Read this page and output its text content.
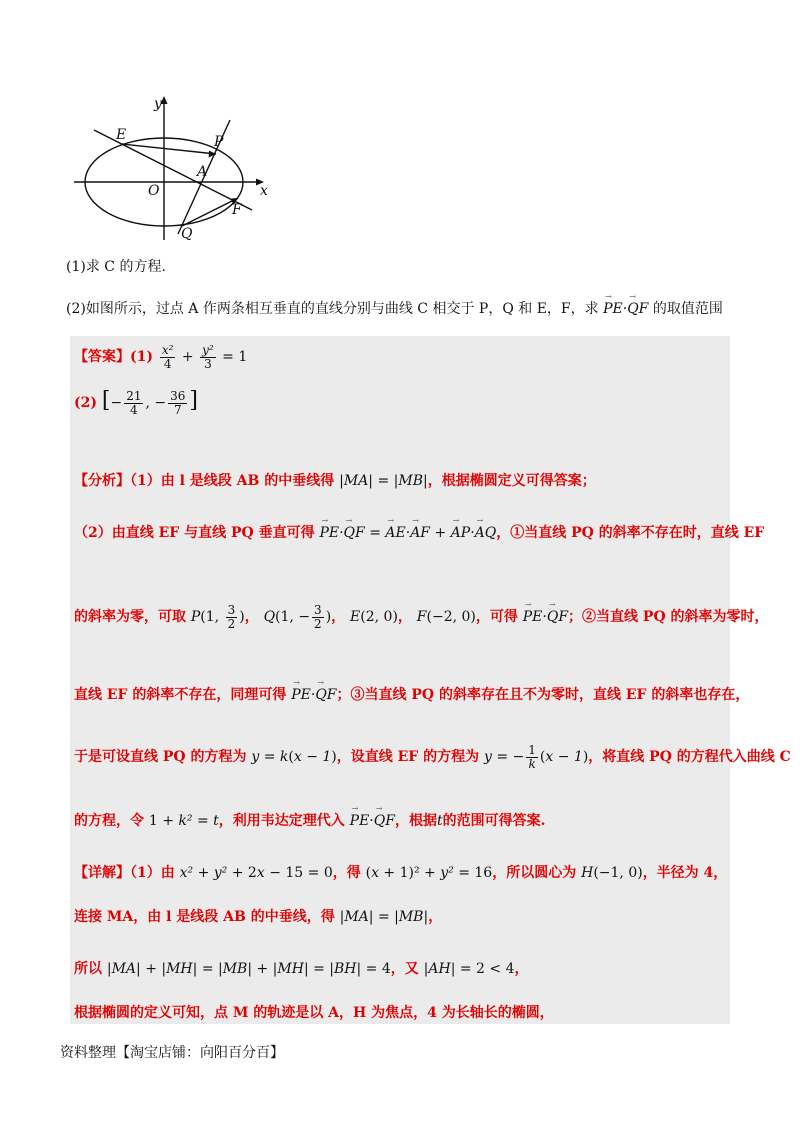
y
x
O
A
E	P
F
Q
(1)求 C 的方程.
(2)如图所示，过点 A 作两条相互垂直的直线分别与曲线 C 相交于 P，Q 和 E，F，求 → PE·→ QF 的取值范围
【答案】$(1) \frac{\text{x²}}{4} + \frac{\text{y²}}{3} = 1$
(2) [− $\frac{21}{4}$ , − $\frac{36}{7}$ ]
【分析】（1）由 l 是线段 AB 的中垂线得 |MA| = |MB|，根据椭圆定义可得答案；
（2）由直线 EF 与直线 PQ 垂直可得 → PE·→ QF = → AE·→ AF + → AP·→ AQ，①当直线 PQ 的斜率不存在时，直线 EF
的斜率为零，可取 P(1, $\frac{3}{2}$ )， Q(1, − $\frac{3}{2}$ )， E(2, 0)， F(−2, 0)，可得 → PE·→ QF；②当直线 PQ 的斜率为零时，
直线 EF 的斜率不存在，同理可得 → PE·→ QF；③当直线 PQ 的斜率存在且不为零时，直线 EF 的斜率也存在，
于是可设直线 PQ 的方程为 y = k(x − 1)，设直线 EF 的方程为 y = − $\frac{1}{k} (x - 1)$，将直线 PQ 的方程代入曲线 C
的方程，令 1 + k² = t，利用韦达定理代入 → PE·→ QF，根据t的范围可得答案.
【详解】（1）由 x² + y² + 2x − 15 = 0，得 (x + 1)² + y² = 16，所以圆心为 H(−1, 0)，半径为 4，
连接 MA，由 l 是线段 AB 的中垂线，得 |MA| = |MB|，
所以 |MA| + |MH| = |MB| + |MH| = |BH| = 4，又 |AH| = 2 < 4，
根据椭圆的定义可知，点 M 的轨迹是以 A，H 为焦点，4 为长轴长的椭圆，
资料整理【淘宝店铺：向阳百分百】
